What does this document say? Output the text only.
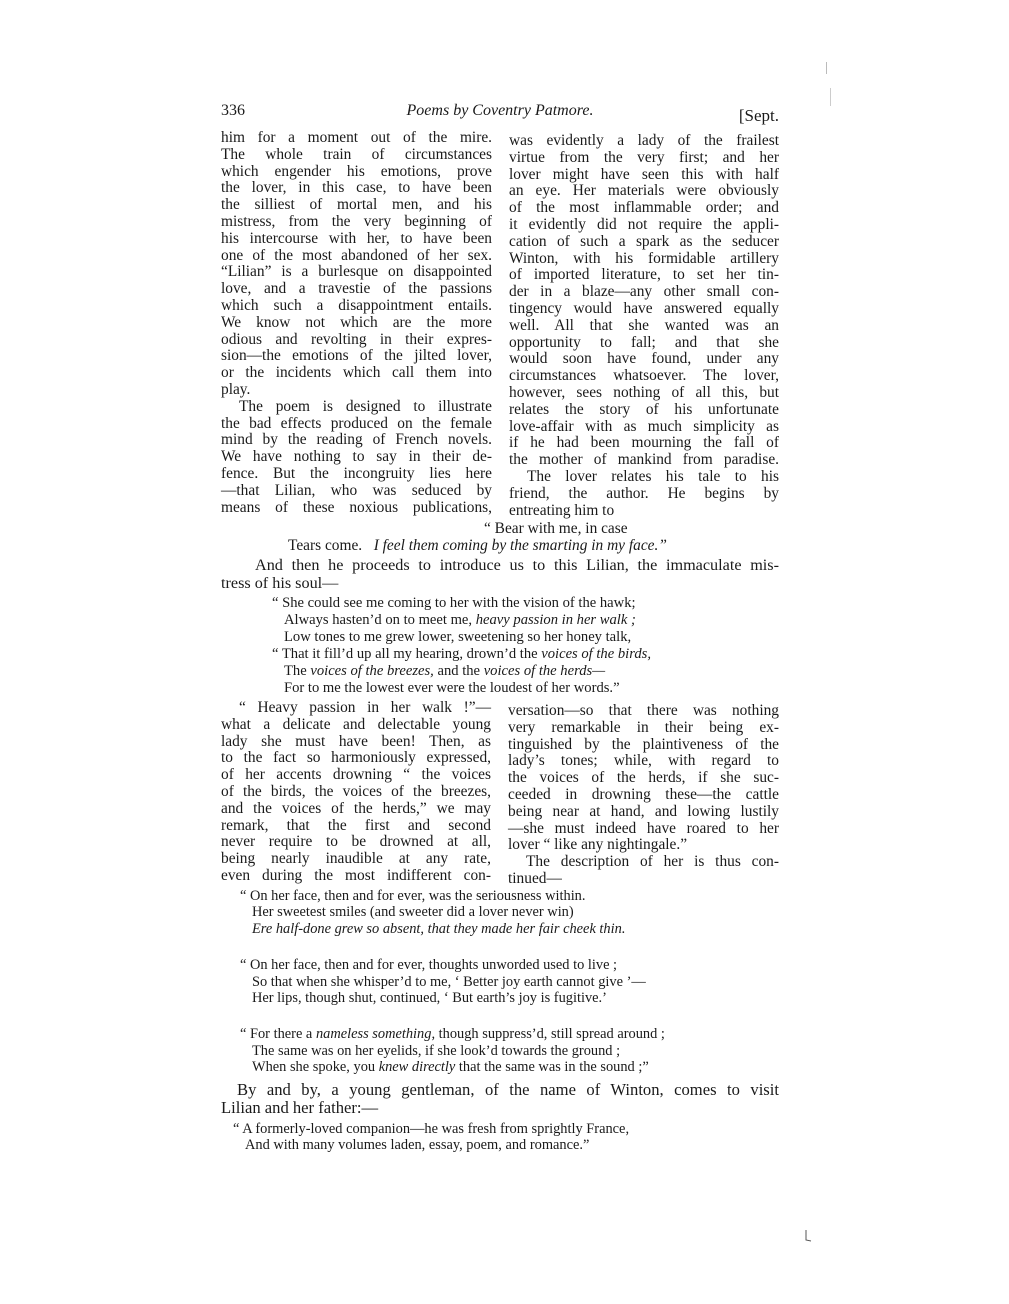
336	Poems by Coventry Patmore.	[Sept.
him for a moment out of the mire.
The whole train of circumstances
which engender his emotions, prove
the lover, in this case, to have been
the silliest of mortal men, and his
mistress, from the very beginning of
his intercourse with her, to have been
one of the most abandoned of her sex.
“Lilian” is a burlesque on disappointed
love, and a travestie of the passions
which such a disappointment entails.
We know not which are the more
odious and revolting in their expres-
sion—the emotions of the jilted lover,
or the incidents which call them into
play.
The poem is designed to illustrate
the bad effects produced on the female
mind by the reading of French novels.
We have nothing to say in their de-
fence. But the incongruity lies here
—that Lilian, who was seduced by
means of these noxious publications,
was evidently a lady of the frailest
virtue from the very first; and her
lover might have seen this with half
an eye. Her materials were obviously
of the most inflammable order; and
it evidently did not require the appli-
cation of such a spark as the seducer
Winton, with his formidable artillery
of imported literature, to set her tin-
der in a blaze—any other small con-
tingency would have answered equally
well. All that she wanted was an
opportunity to fall; and that she
would soon have found, under any
circumstances whatsoever. The lover,
however, sees nothing of all this, but
relates the story of his unfortunate
love-affair with as much simplicity as
if he had been mourning the fall of
the mother of mankind from paradise.
The lover relates his tale to his
friend, the author. He begins by
entreating him to
“ Bear with me, in case
Tears come. I feel them coming by the smarting in my face.”
And then he proceeds to introduce us to this Lilian, the immaculate mis-
tress of his soul—
“ She could see me coming to her with the vision of the hawk;
Always hasten’d on to meet me, heavy passion in her walk ;
Low tones to me grew lower, sweetening so her honey talk,
“ That it fill’d up all my hearing, drown’d the voices of the birds,
The voices of the breezes, and the voices of the herds—
For to me the lowest ever were the loudest of her words.”
“ Heavy passion in her walk !”—
what a delicate and delectable young
lady she must have been! Then, as
to the fact so harmoniously expressed,
of her accents drowning “ the voices
of the birds, the voices of the breezes,
and the voices of the herds,” we may
remark, that the first and second
never require to be drowned at all,
being nearly inaudible at any rate,
even during the most indifferent con-
versation—so that there was nothing
very remarkable in their being ex-
tinguished by the plaintiveness of the
lady’s tones; while, with regard to
the voices of the herds, if she suc-
ceeded in drowning these—the cattle
being near at hand, and lowing lustily
—she must indeed have roared to her
lover “ like any nightingale.”
The description of her is thus con-
tinued—
“ On her face, then and for ever, was the seriousness within.
Her sweetest smiles (and sweeter did a lover never win)
Ere half-done grew so absent, that they made her fair cheek thin.
“ On her face, then and for ever, thoughts unworded used to live ;
So that when she whisper’d to me, ‘ Better joy earth cannot give ’—
Her lips, though shut, continued, ‘ But earth’s joy is fugitive.’
“ For there a nameless something, though suppress’d, still spread around ;
The same was on her eyelids, if she look’d towards the ground ;
When she spoke, you knew directly that the same was in the sound ;”
By and by, a young gentleman, of the name of Winton, comes to visit
Lilian and her father:—
“ A formerly-loved companion—he was fresh from sprightly France,
And with many volumes laden, essay, poem, and romance.”
